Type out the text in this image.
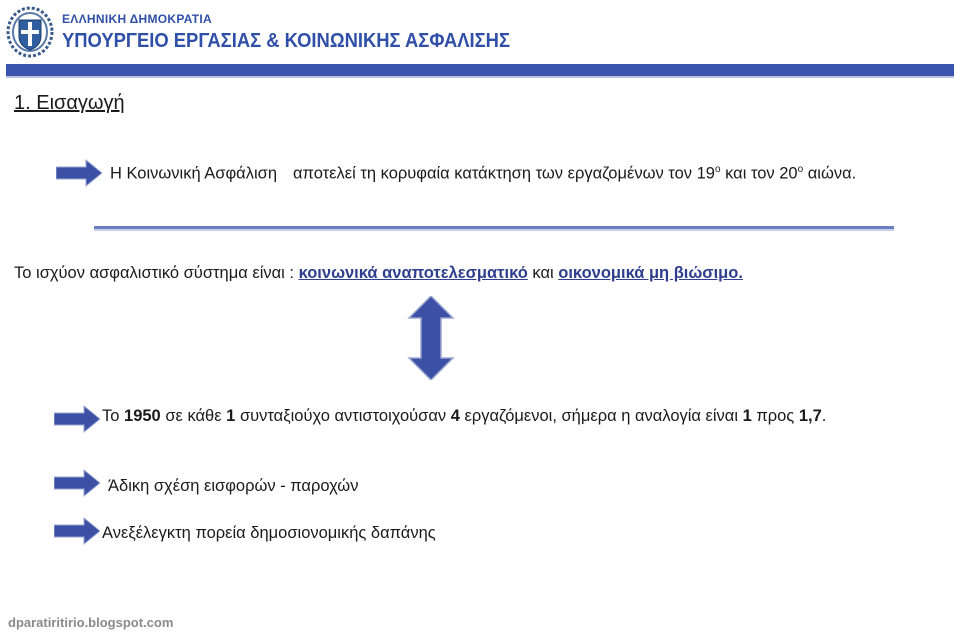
ΕΛΛΗΝΙΚΗ ΔΗΜΟΚΡΑΤΙΑ
ΥΠΟΥΡΓΕΙΟ ΕΡΓΑΣΙΑΣ & ΚΟΙΝΩΝΙΚΗΣ ΑΣΦΑΛΙΣΗΣ
1. Εισαγωγή
Η Κοινωνική Ασφάλιση αποτελεί τη κορυφαία κατάκτηση των εργαζομένων τον $19^o$ και τον $20^o$ αιώνα.
Το ισχύον ασφαλιστικό σύστημα είναι : κοινωνικά αναποτελεσματικό και οικονομικά μη βιώσιμο.
Το 1950 σε κάθε 1 συνταξιούχο αντιστοιχούσαν 4 εργαζόμενοι, σήμερα η αναλογία είναι 1 προς 1,7.
Άδικη σχέση εισφορών - παροχών
Ανεξέλεγκτη πορεία δημοσιονομικής δαπάνης
dparatiritirio.blogspot.com
